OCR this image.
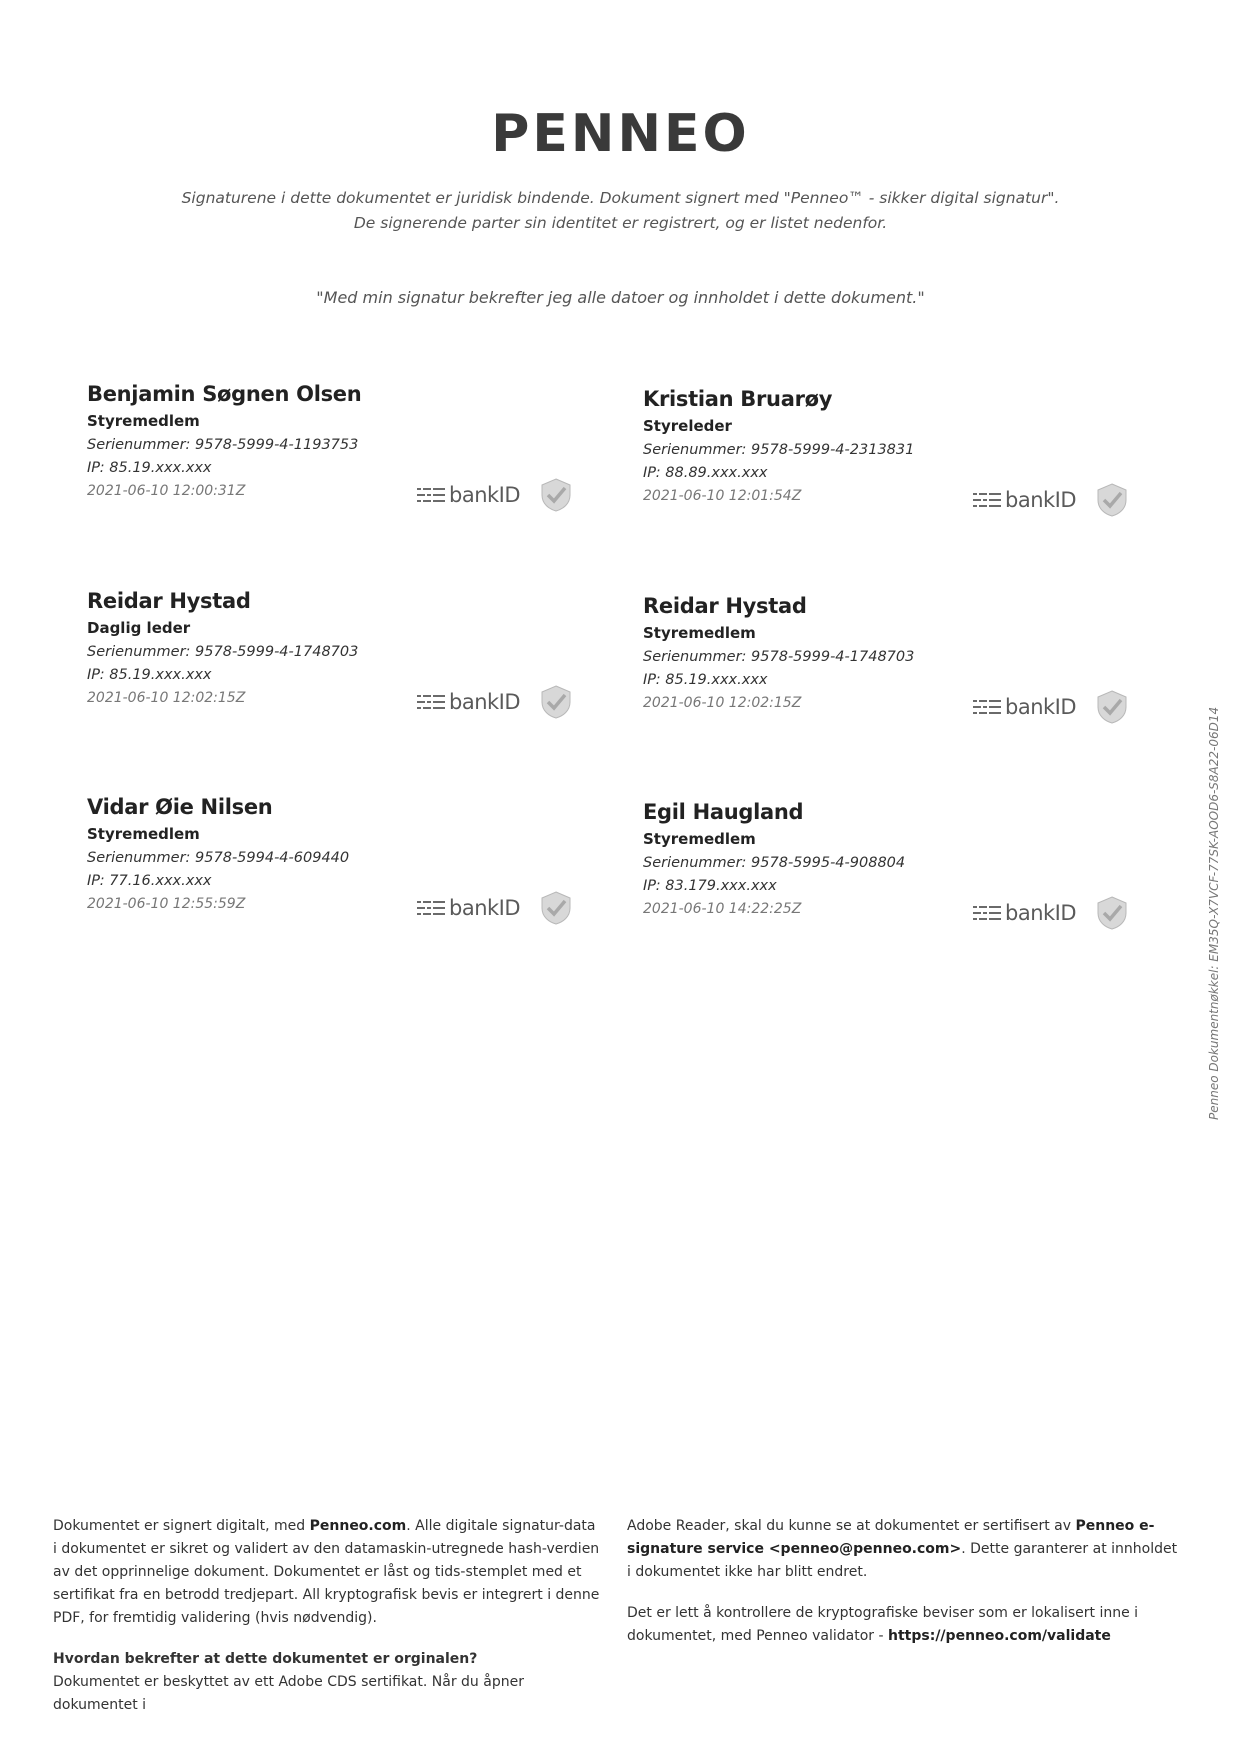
PENNEO
Signaturene i dette dokumentet er juridisk bindende. Dokument signert med "Penneo™ - sikker digital signatur".
De signerende parter sin identitet er registrert, og er listet nedenfor.
"Med min signatur bekrefter jeg alle datoer og innholdet i dette dokument."
Benjamin Søgnen Olsen
Styremedlem
Serienummer: 9578-5999-4-1193753
IP: 85.19.xxx.xxx
2021-06-10 12:00:31Z	bankID
Kristian Bruarøy
Styreleder
Serienummer: 9578-5999-4-2313831
IP: 88.89.xxx.xxx
2021-06-10 12:01:54Z	bankID
Reidar Hystad
Daglig leder
Serienummer: 9578-5999-4-1748703
IP: 85.19.xxx.xxx
2021-06-10 12:02:15Z	bankID
Reidar Hystad
Styremedlem
Serienummer: 9578-5999-4-1748703
IP: 85.19.xxx.xxx
2021-06-10 12:02:15Z	bankID
Vidar Øie Nilsen
Styremedlem
Serienummer: 9578-5994-4-609440
IP: 77.16.xxx.xxx
2021-06-10 12:55:59Z	bankID
Egil Haugland
Styremedlem
Serienummer: 9578-5995-4-908804
IP: 83.179.xxx.xxx
2021-06-10 14:22:25Z	bankID	Penneo Dokumentnøkkel: EM35Q-X7VCF-77SK-AOOD6-S8A22-06D14

Dokumentet er signert digitalt, med Penneo.com. Alle digitale signatur-data i dokumentet er sikret og validert av den datamaskin-utregnede hash-verdien av det opprinnelige dokument. Dokumentet er låst og tids-stemplet med et sertifikat fra en betrodd tredjepart. All kryptografisk bevis er integrert i denne PDF, for fremtidig validering (hvis nødvendig).

Hvordan bekrefter at dette dokumentet er orginalen?

Dokumentet er beskyttet av ett Adobe CDS sertifikat. Når du åpner dokumentet i

Adobe Reader, skal du kunne se at dokumentet er sertifisert av Penneo e-signature service <penneo@penneo.com>. Dette garanterer at innholdet i dokumentet ikke har blitt endret.

Det er lett å kontrollere de kryptografiske beviser som er lokalisert inne i dokumentet, med Penneo validator - https://penneo.com/validate
